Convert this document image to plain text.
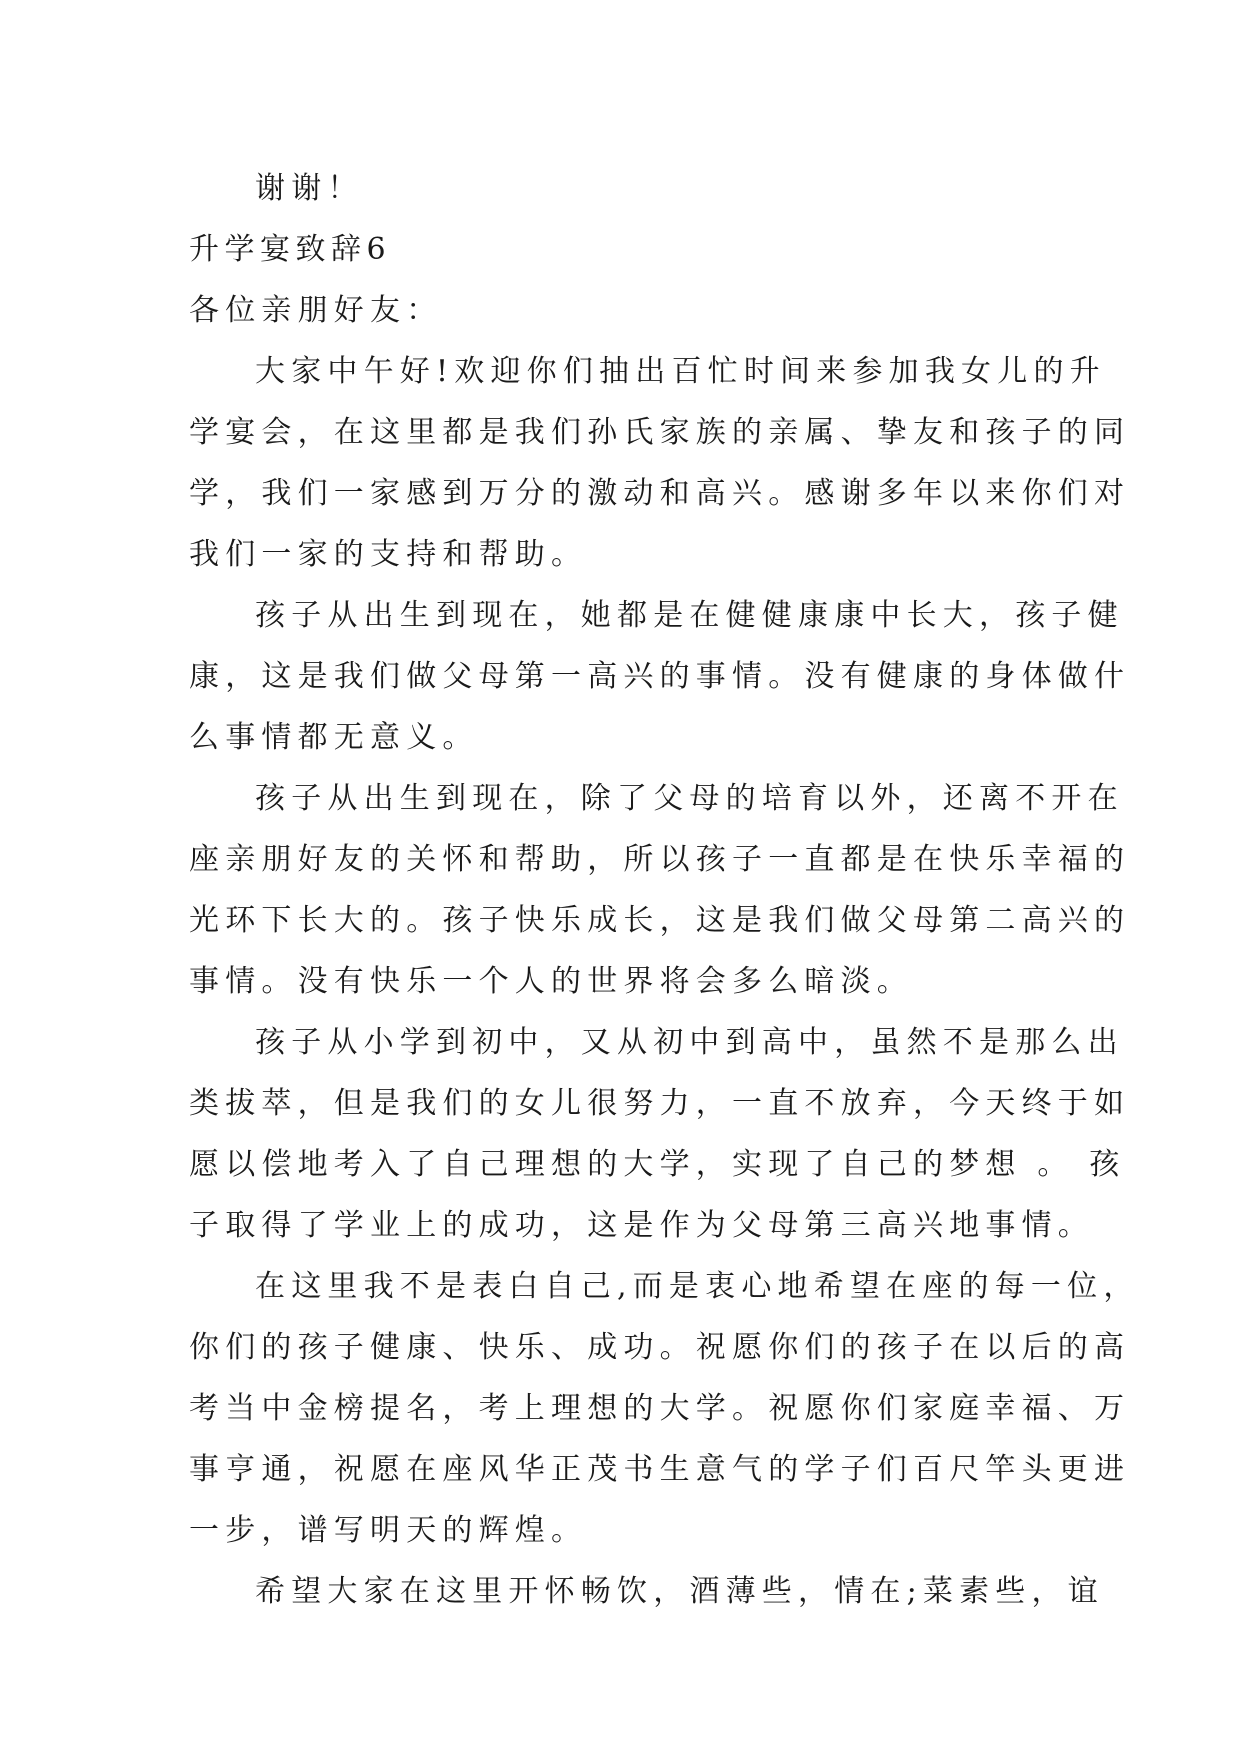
谢谢！

升学宴致辞6

各位亲朋好友：

大家中午好!欢迎你们抽出百忙时间来参加我女儿的升

学宴会，在这里都是我们孙氏家族的亲属、挚友和孩子的同

学，我们一家感到万分的激动和高兴。感谢多年以来你们对

我们一家的支持和帮助。

孩子从出生到现在，她都是在健健康康中长大，孩子健

康，这是我们做父母第一高兴的事情。没有健康的身体做什

么事情都无意义。

孩子从出生到现在，除了父母的培育以外，还离不开在

座亲朋好友的关怀和帮助，所以孩子一直都是在快乐幸福的

光环下长大的。孩子快乐成长，这是我们做父母第二高兴的

事情。没有快乐一个人的世界将会多么暗淡。

孩子从小学到初中，又从初中到高中，虽然不是那么出

类拔萃，但是我们的女儿很努力，一直不放弃，今天终于如

愿以偿地考入了自己理想的大学，实现了自己的梦想 。 孩

子取得了学业上的成功，这是作为父母第三高兴地事情。

在这里我不是表白自己,而是衷心地希望在座的每一位，

你们的孩子健康、快乐、成功。祝愿你们的孩子在以后的高

考当中金榜提名，考上理想的大学。祝愿你们家庭幸福、万

事亨通，祝愿在座风华正茂书生意气的学子们百尺竿头更进

一步，谱写明天的辉煌。

希望大家在这里开怀畅饮，酒薄些，情在;菜素些，谊
